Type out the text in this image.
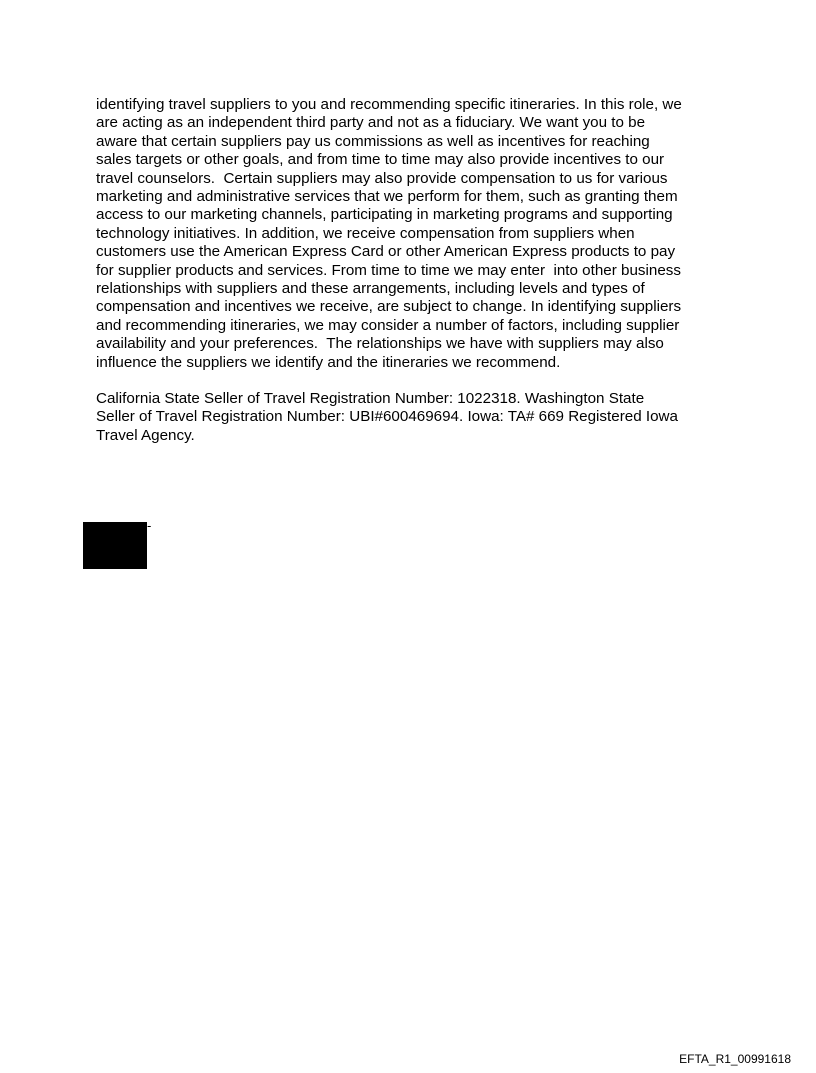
identifying travel suppliers to you and recommending specific itineraries. In this role, we
are acting as an independent third party and not as a fiduciary. We want you to be
aware that certain suppliers pay us commissions as well as incentives for reaching
sales targets or other goals, and from time to time may also provide incentives to our
travel counselors.  Certain suppliers may also provide compensation to us for various
marketing and administrative services that we perform for them, such as granting them
access to our marketing channels, participating in marketing programs and supporting
technology initiatives. In addition, we receive compensation from suppliers when
customers use the American Express Card or other American Express products to pay
for supplier products and services. From time to time we may enter  into other business
relationships with suppliers and these arrangements, including levels and types of
compensation and incentives we receive, are subject to change. In identifying suppliers
and recommending itineraries, we may consider a number of factors, including supplier
availability and your preferences.  The relationships we have with suppliers may also
influence the suppliers we identify and the itineraries we recommend.

California State Seller of Travel Registration Number: 1022318. Washington State
Seller of Travel Registration Number: UBI#600469694. Iowa: TA# 669 Registered Iowa
Travel Agency.

-
EFTA_R1_00991618
